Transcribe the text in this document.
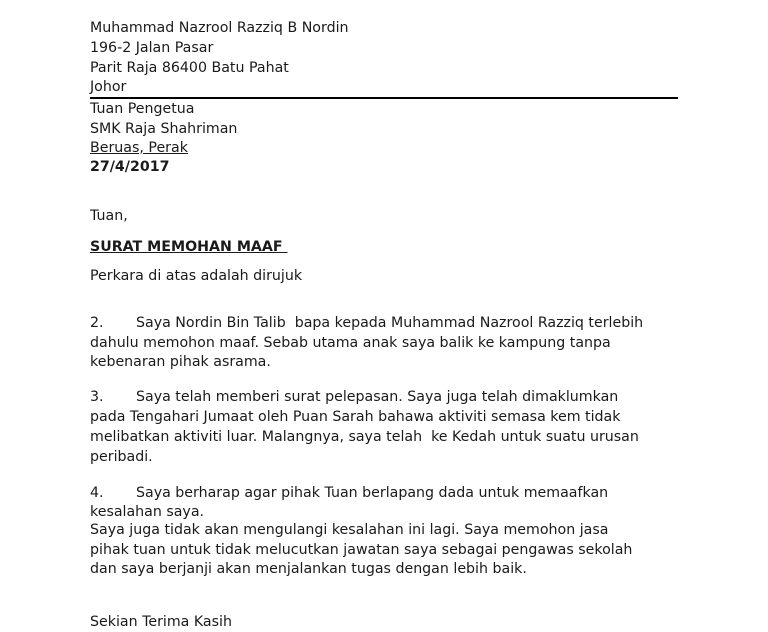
Muhammad Nazrool Razziq B Nordin
196-2 Jalan Pasar
Parit Raja 86400 Batu Pahat
Johor
Tuan Pengetua
SMK Raja Shahriman
Beruas, Perak
27/4/2017
Tuan,
SURAT MEMOHAN MAAF
Perkara di atas adalah dirujuk
2. Saya Nordin Bin Talib  bapa kepada Muhammad Nazrool Razziq terlebih
dahulu memohon maaf. Sebab utama anak saya balik ke kampung tanpa
kebenaran pihak asrama.
3. Saya telah memberi surat pelepasan. Saya juga telah dimaklumkan
pada Tengahari Jumaat oleh Puan Sarah bahawa aktiviti semasa kem tidak
melibatkan aktiviti luar. Malangnya, saya telah  ke Kedah untuk suatu urusan
peribadi.
4. Saya berharap agar pihak Tuan berlapang dada untuk memaafkan
kesalahan saya.
Saya juga tidak akan mengulangi kesalahan ini lagi. Saya memohon jasa
pihak tuan untuk tidak melucutkan jawatan saya sebagai pengawas sekolah
dan saya berjanji akan menjalankan tugas dengan lebih baik.
Sekian Terima Kasih
